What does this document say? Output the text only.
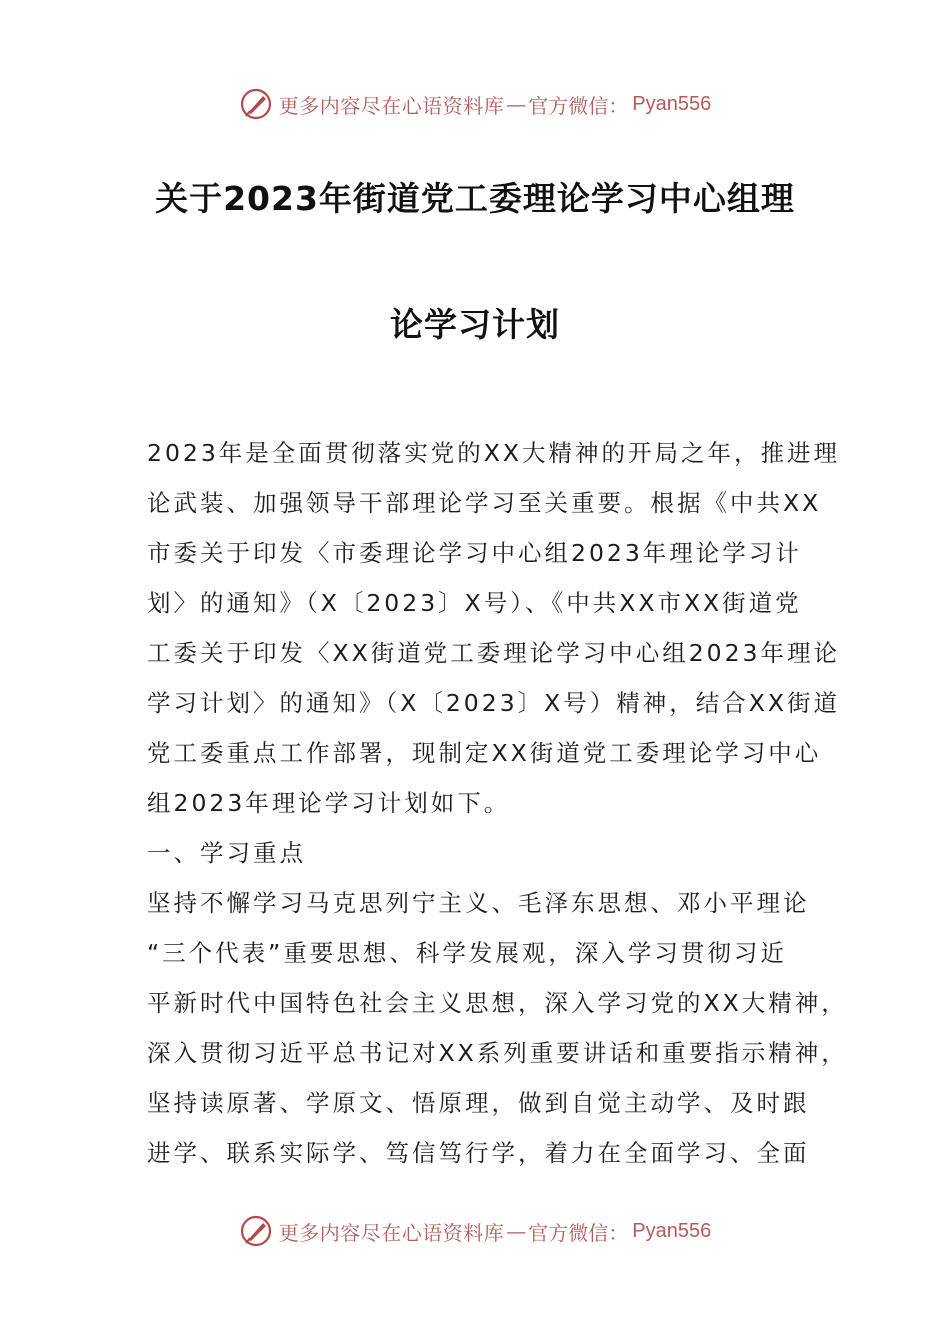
更多内容尽在心语资料库 — 官方微信： Pyan556
关于2023年街道党工委理论学习中心组理
论学习计划
2023年是全面贯彻落实党的XX大精神的开局之年，推进理
论武装、加强领导干部理论学习至关重要。根据《中共XX
市委关于印发〈市委理论学习中心组2023年理论学习计
划〉的通知》（X〔2023〕X号）、《中共XX市XX街道党
工委关于印发〈XX街道党工委理论学习中心组2023年理论
学习计划〉的通知》（X〔2023〕X号）精神，结合XX街道
党工委重点工作部署，现制定XX街道党工委理论学习中心
组2023年理论学习计划如下。
一、学习重点
坚持不懈学习马克思列宁主义、毛泽东思想、邓小平理论
“三个代表”重要思想、科学发展观，深入学习贯彻习近
平新时代中国特色社会主义思想，深入学习党的XX大精神，
深入贯彻习近平总书记对XX系列重要讲话和重要指示精神，
坚持读原著、学原文、悟原理，做到自觉主动学、及时跟
进学、联系实际学、笃信笃行学，着力在全面学习、全面
更多内容尽在心语资料库 — 官方微信： Pyan556
